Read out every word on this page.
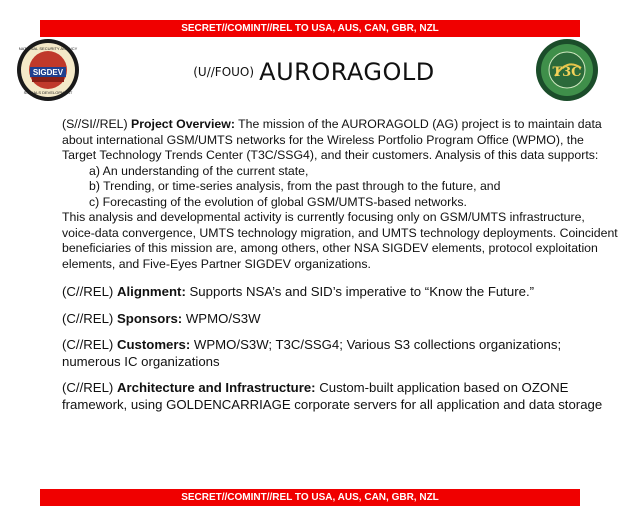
SECRET//COMINT//REL TO USA, AUS, CAN, GBR, NZL
SIGDEV
NATIONAL SECURITY AGENCY
SIGNALS DEVELOPMENT
T3C
(U//FOUO) AURORAGOLD

(S//SI//REL) Project Overview: The mission of the AURORAGOLD (AG) project is to maintain data about international GSM/UMTS networks for the Wireless Portfolio Program Office (WPMO), the Target Technology Trends Center (T3C/SSG4), and their customers. Analysis of this data supports:

a) An understanding of the current state,
b) Trending, or time-series analysis, from the past through to the future, and
c) Forecasting of the evolution of global GSM/UMTS-based networks.

This analysis and developmental activity is currently focusing only on GSM/UMTS infrastructure, voice-data convergence, UMTS technology migration, and UMTS technology deployments. Coincident beneficiaries of this mission are, among others, other NSA SIGDEV elements, protocol exploitation elements, and Five-Eyes Partner SIGDEV organizations.

(C//REL) Alignment: Supports NSA’s and SID’s imperative to “Know the Future.”

(C//REL) Sponsors: WPMO/S3W

(C//REL) Customers: WPMO/S3W; T3C/SSG4; Various S3 collections organizations; numerous IC organizations

(C//REL) Architecture and Infrastructure: Custom-built application based on OZONE framework, using GOLDENCARRIAGE corporate servers for all application and data storage

SECRET//COMINT//REL TO USA, AUS, CAN, GBR, NZL
